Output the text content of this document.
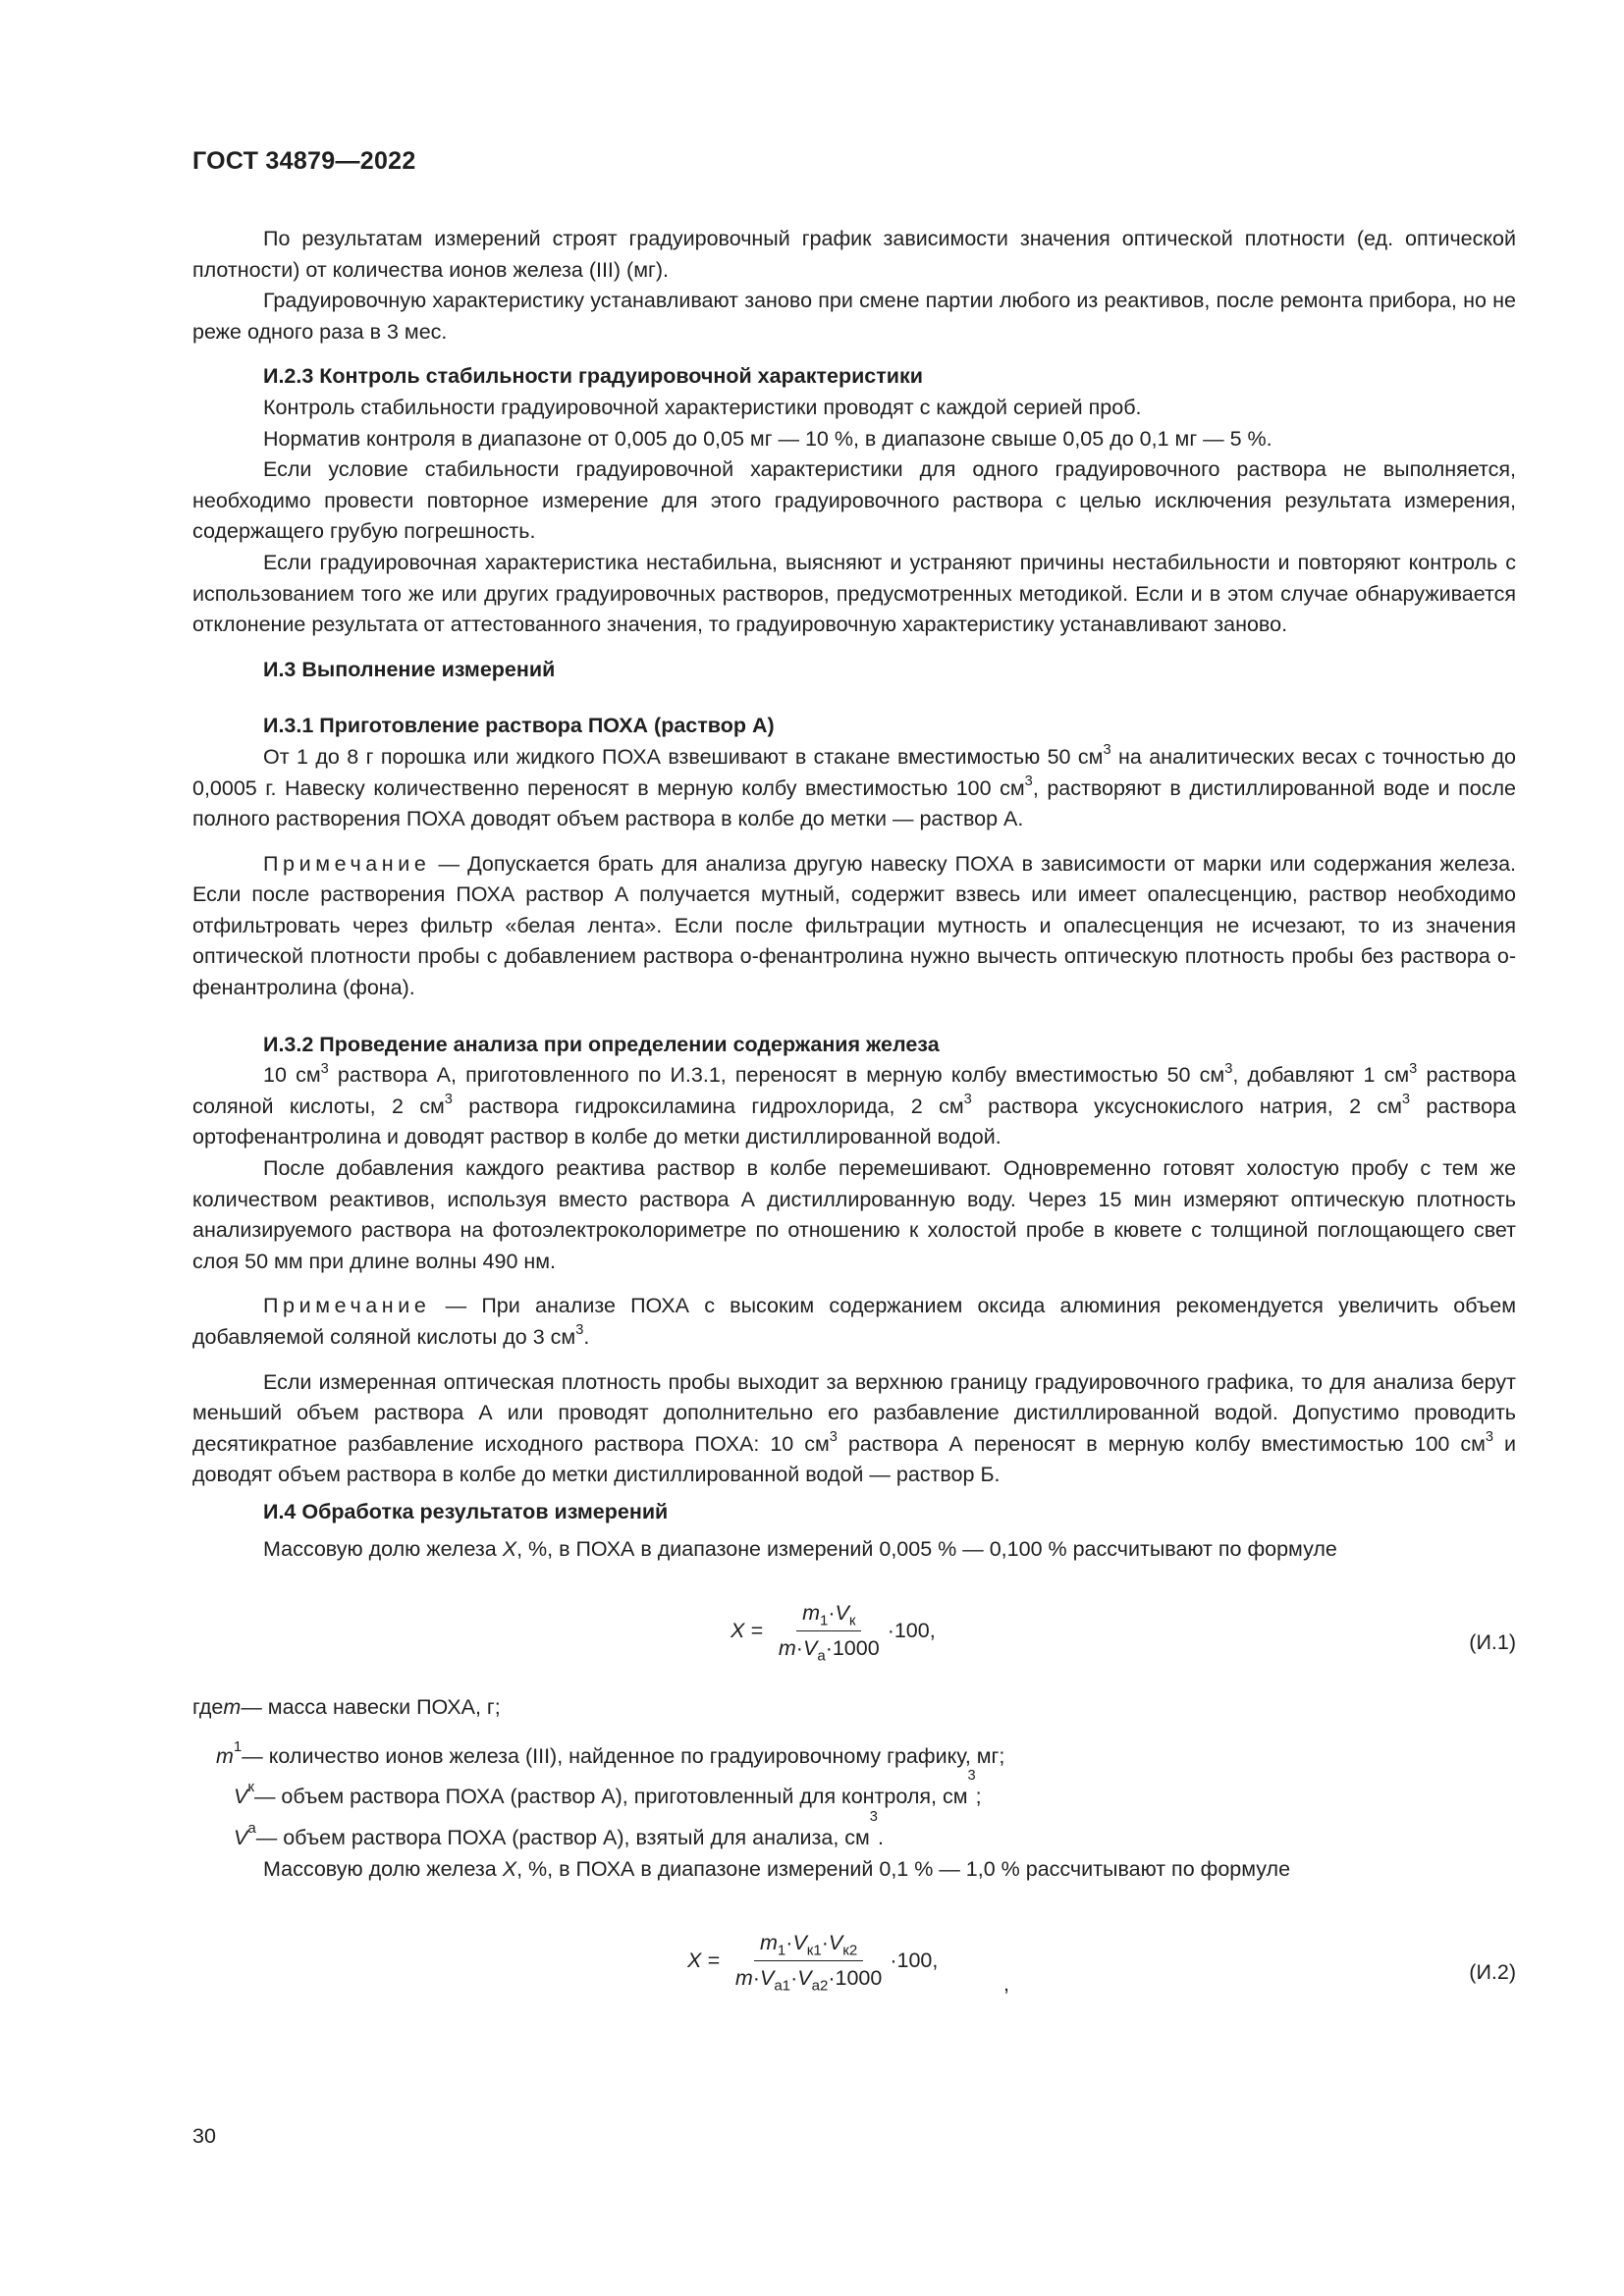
ГОСТ 34879—2022

По результатам измерений строят градуировочный график зависимости значения оптической плотности (ед. оптической плотности) от количества ионов железа (III) (мг).

Градуировочную характеристику устанавливают заново при смене партии любого из реактивов, после ремонта прибора, но не реже одного раза в 3 мес.

И.2.3 Контроль стабильности градуировочной характеристики

Контроль стабильности градуировочной характеристики проводят с каждой серией проб.

Норматив контроля в диапазоне от 0,005 до 0,05 мг — 10 %, в диапазоне свыше 0,05 до 0,1 мг — 5 %.

Если условие стабильности градуировочной характеристики для одного градуировочного раствора не выполняется, необходимо провести повторное измерение для этого градуировочного раствора с целью исключения результата измерения, содержащего грубую погрешность.

Если градуировочная характеристика нестабильна, выясняют и устраняют причины нестабильности и повторяют контроль с использованием того же или других градуировочных растворов, предусмотренных методикой. Если и в этом случае обнаруживается отклонение результата от аттестованного значения, то градуировочную характеристику устанавливают заново.

И.3 Выполнение измерений
И.3.1 Приготовление раствора ПОХА (раствор А)

От 1 до 8 г порошка или жидкого ПОХА взвешивают в стакане вместимостью 50 $см^3$ на аналитических весах с точностью до 0,0005 г. Навеску количественно переносят в мерную колбу вместимостью 100 $см^3$, растворяют в дистиллированной воде и после полного растворения ПОХА доводят объем раствора в колбе до метки — раствор А.

Примечание — Допускается брать для анализа другую навеску ПОХА в зависимости от марки или содержания железа. Если после растворения ПОХА раствор А получается мутный, содержит взвесь или имеет опалесценцию, раствор необходимо отфильтровать через фильтр «белая лента». Если после фильтрации мутность и опалесценция не исчезают, то из значения оптической плотности пробы с добавлением раствора о-фенантролина нужно вычесть оптическую плотность пробы без раствора о-фенантролина (фона).

И.3.2 Проведение анализа при определении содержания железа

10 $см^3$ раствора А, приготовленного по И.3.1, переносят в мерную колбу вместимостью 50 $см^3$, добавляют 1 $см^3$ раствора соляной кислоты, 2 $см^3$ раствора гидроксиламина гидрохлорида, 2 $см^3$ раствора уксуснокислого натрия, 2 $см^3$ раствора ортофенантролина и доводят раствор в колбе до метки дистиллированной водой.

После добавления каждого реактива раствор в колбе перемешивают. Одновременно готовят холостую пробу с тем же количеством реактивов, используя вместо раствора А дистиллированную воду. Через 15 мин измеряют оптическую плотность анализируемого раствора на фотоэлектроколориметре по отношению к холостой пробе в кювете с толщиной поглощающего свет слоя 50 мм при длине волны 490 нм.

Примечание — При анализе ПОХА с высоким содержанием оксида алюминия рекомендуется увеличить объем добавляемой соляной кислоты до 3 $см^3$.

Если измеренная оптическая плотность пробы выходит за верхнюю границу градуировочного графика, то для анализа берут меньший объем раствора А или проводят дополнительно его разбавление дистиллированной водой. Допустимо проводить десятикратное разбавление исходного раствора ПОХА: 10 $см^3$ раствора А переносят в мерную колбу вместимостью 100 $см^3$ и доводят объем раствора в колбе до метки дистиллированной водой — раствор Б.

И.4 Обработка результатов измерений

Массовую долю железа X, %, в ПОХА в диапазоне измерений 0,005 % — 0,100 % рассчитывают по формуле

$X = \frac{m_1\cdot V_к}{m\cdot V_а\cdot 1000} \cdot 100$,
(И.1)
где m — масса навески ПОХА, г;
$m_1$ — количество ионов железа (III), найденное по градуировочному графику, мг;
$V_к$ — объем раствора ПОХА (раствор А), приготовленный для контроля, см
$^3$
;
$V_а$ — объем раствора ПОХА (раствор А), взятый для анализа, см
$^3$
.

Массовую долю железа X, %, в ПОХА в диапазоне измерений 0,1 % — 1,0 % рассчитывают по формуле

$X = \frac{m_1\cdot V_{к1}\cdot V_{к2}}{m\cdot V_{а1}\cdot V_{а2}\cdot 1000} \cdot 100$,
,	(И.2)
30
